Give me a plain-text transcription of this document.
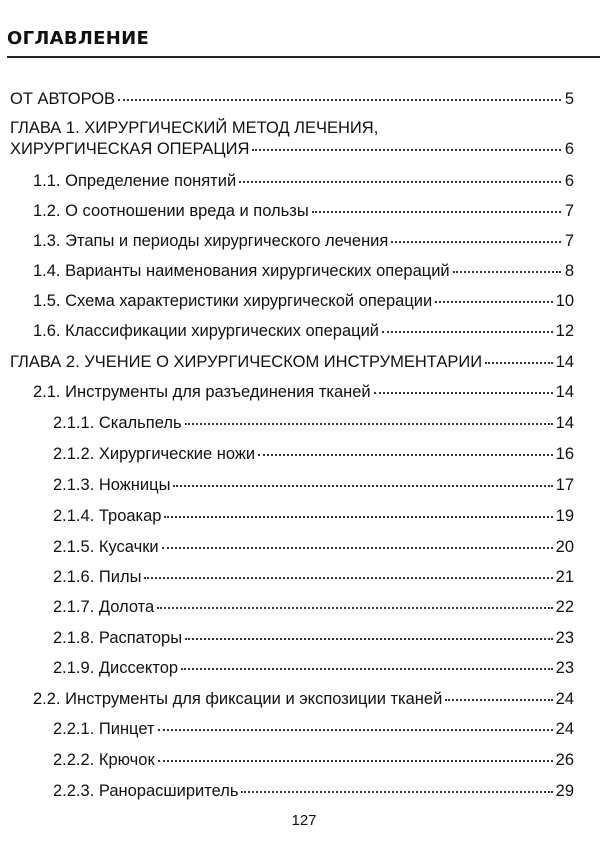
ОГЛАВЛЕНИЕ
ОТ АВТОРОВ	5
ГЛАВА 1. ХИРУРГИЧЕСКИЙ МЕТОД ЛЕЧЕНИЯ,
ХИРУРГИЧЕСКАЯ ОПЕРАЦИЯ	6
1.1. Определение понятий	6
1.2. О соотношении вреда и пользы	7
1.3. Этапы и периоды хирургического лечения	7
1.4. Варианты наименования хирургических операций	8
1.5. Схема характеристики хирургической операции	10
1.6. Классификации хирургических операций	12
ГЛАВА 2. УЧЕНИЕ О ХИРУРГИЧЕСКОМ ИНСТРУМЕНТАРИИ	14
2.1. Инструменты для разъединения тканей	14
2.1.1. Скальпель	14
2.1.2. Хирургические ножи	16
2.1.3. Ножницы	17
2.1.4. Троакар	19
2.1.5. Кусачки	20
2.1.6. Пилы	21
2.1.7. Долота	22
2.1.8. Распаторы	23
2.1.9. Диссектор	23
2.2. Инструменты для фиксации и экспозиции тканей	24
2.2.1. Пинцет	24
2.2.2. Крючок	26
2.2.3. Ранорасширитель	29
127
